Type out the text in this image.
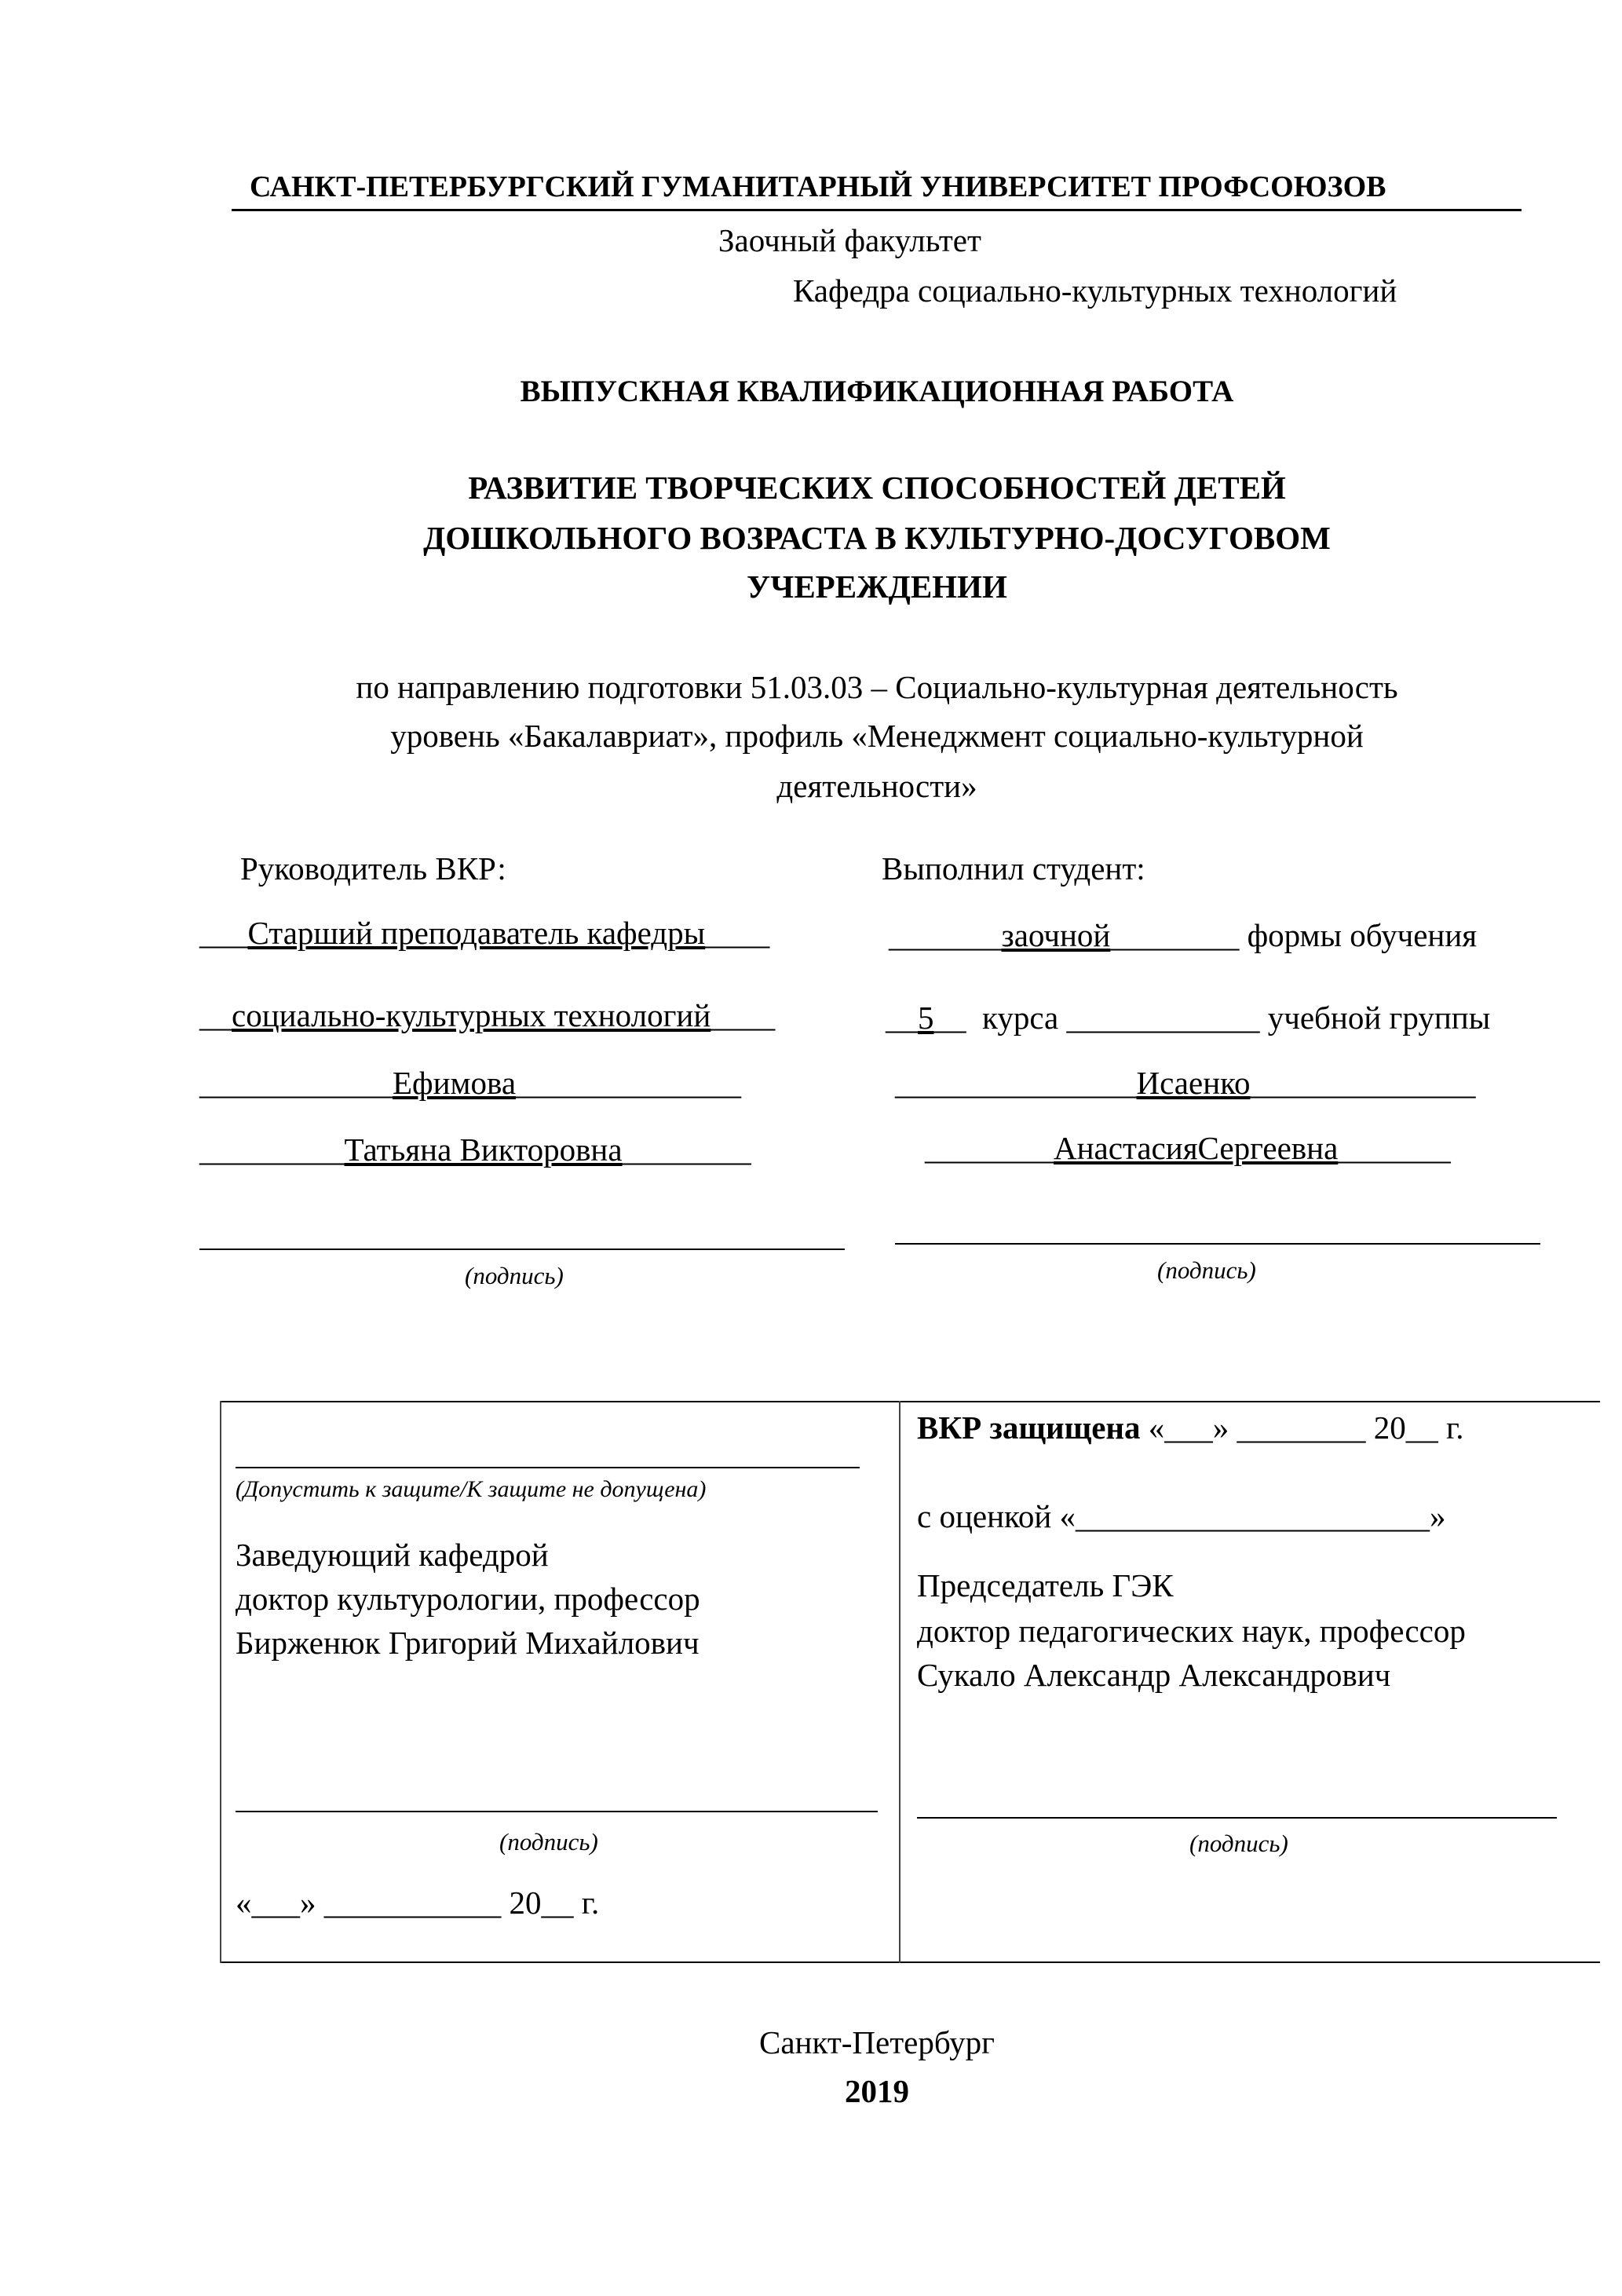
САНКТ-ПЕТЕРБУРГСКИЙ ГУМАНИТАРНЫЙ УНИВЕРСИТЕТ ПРОФСОЮЗОВ
Заочный факультет
Кафедра социально-культурных технологий
ВЫПУСКНАЯ КВАЛИФИКАЦИОННАЯ РАБОТА
РАЗВИТИЕ ТВОРЧЕСКИХ СПОСОБНОСТЕЙ ДЕТЕЙ
ДОШКОЛЬНОГО ВОЗРАСТА В КУЛЬТУРНО-ДОСУГОВОМ
УЧЕРЕЖДЕНИИ
по направлению подготовки 51.03.03 – Социально-культурная деятельность
уровень «Бакалавриат», профиль «Менеджмент социально-культурной
деятельности»
Руководитель ВКР:
___Старший преподаватель кафедры____
__социально-культурных технологий____
____________Ефимова______________
_________Татьяна Викторовна________
(подпись)
Выполнил студент:
_______заочной________ формы обучения
__5__  курса ____________ учебной группы
_______________Исаенко______________
________АнастасияСергеевна_______
(подпись)
(Допустить к защите/К защите не допущена)
Заведующий кафедрой
доктор культурологии, профессор
Бирженюк Григорий Михайлович
(подпись)
«___» ___________ 20__ г.
ВКР защищена «___» ________ 20__ г.
с оценкой «______________________»
Председатель ГЭК
доктор педагогических наук, профессор
Сукало Александр Александрович
(подпись)
Санкт-Петербург
2019
